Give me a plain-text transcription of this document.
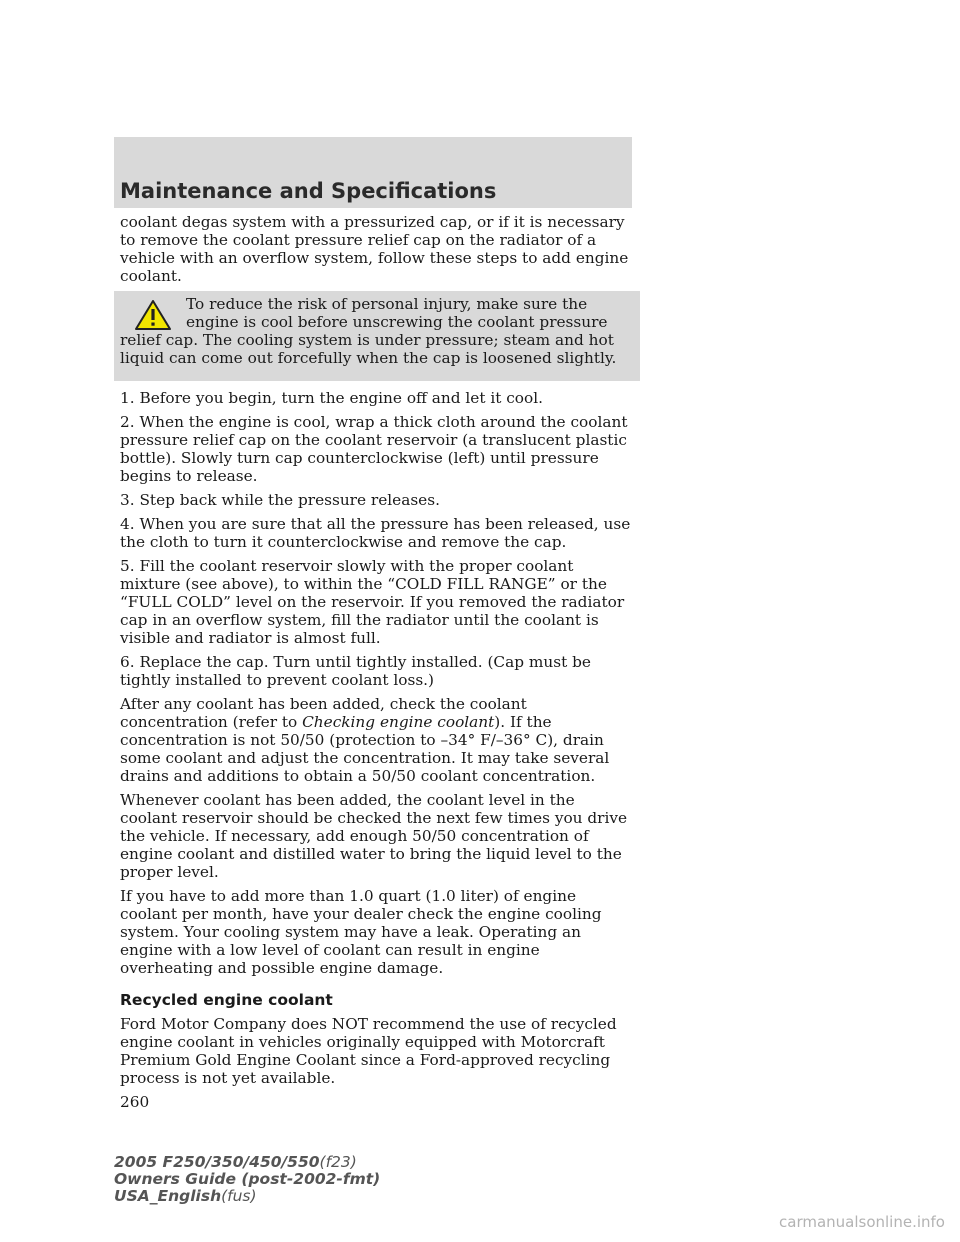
Maintenance and Specifications

coolant degas system with a pressurized cap, or if it is necessary to remove the coolant pressure relief cap on the radiator of a vehicle with an overflow system, follow these steps to add engine coolant.

To reduce the risk of personal injury, make sure the engine is cool before unscrewing the coolant pressure relief cap. The cooling system is under pressure; steam and hot liquid can come out forcefully when the cap is loosened slightly.

1. Before you begin, turn the engine off and let it cool.

2. When the engine is cool, wrap a thick cloth around the coolant pressure relief cap on the coolant reservoir (a translucent plastic bottle). Slowly turn cap counterclockwise (left) until pressure begins to release.

3. Step back while the pressure releases.

4. When you are sure that all the pressure has been released, use the cloth to turn it counterclockwise and remove the cap.

5. Fill the coolant reservoir slowly with the proper coolant mixture (see above), to within the “COLD FILL RANGE” or the “FULL COLD” level on the reservoir. If you removed the radiator cap in an overflow system, fill the radiator until the coolant is visible and radiator is almost full.

6. Replace the cap. Turn until tightly installed. (Cap must be tightly installed to prevent coolant loss.)

After any coolant has been added, check the coolant concentration (refer to Checking engine coolant). If the concentration is not 50/50 (protection to –34° F/–36° C), drain some coolant and adjust the concentration. It may take several drains and additions to obtain a 50/50 coolant concentration.

Whenever coolant has been added, the coolant level in the coolant reservoir should be checked the next few times you drive the vehicle. If necessary, add enough 50/50 concentration of engine coolant and distilled water to bring the liquid level to the proper level.

If you have to add more than 1.0 quart (1.0 liter) of engine coolant per month, have your dealer check the engine cooling system. Your cooling system may have a leak. Operating an engine with a low level of coolant can result in engine overheating and possible engine damage.

Recycled engine coolant

Ford Motor Company does NOT recommend the use of recycled engine coolant in vehicles originally equipped with Motorcraft Premium Gold Engine Coolant since a Ford-approved recycling process is not yet available.

260

2005 F250/350/450/550(f23)
Owners Guide (post-2002-fmt)
USA_English(fus)
carmanualsonline.info
